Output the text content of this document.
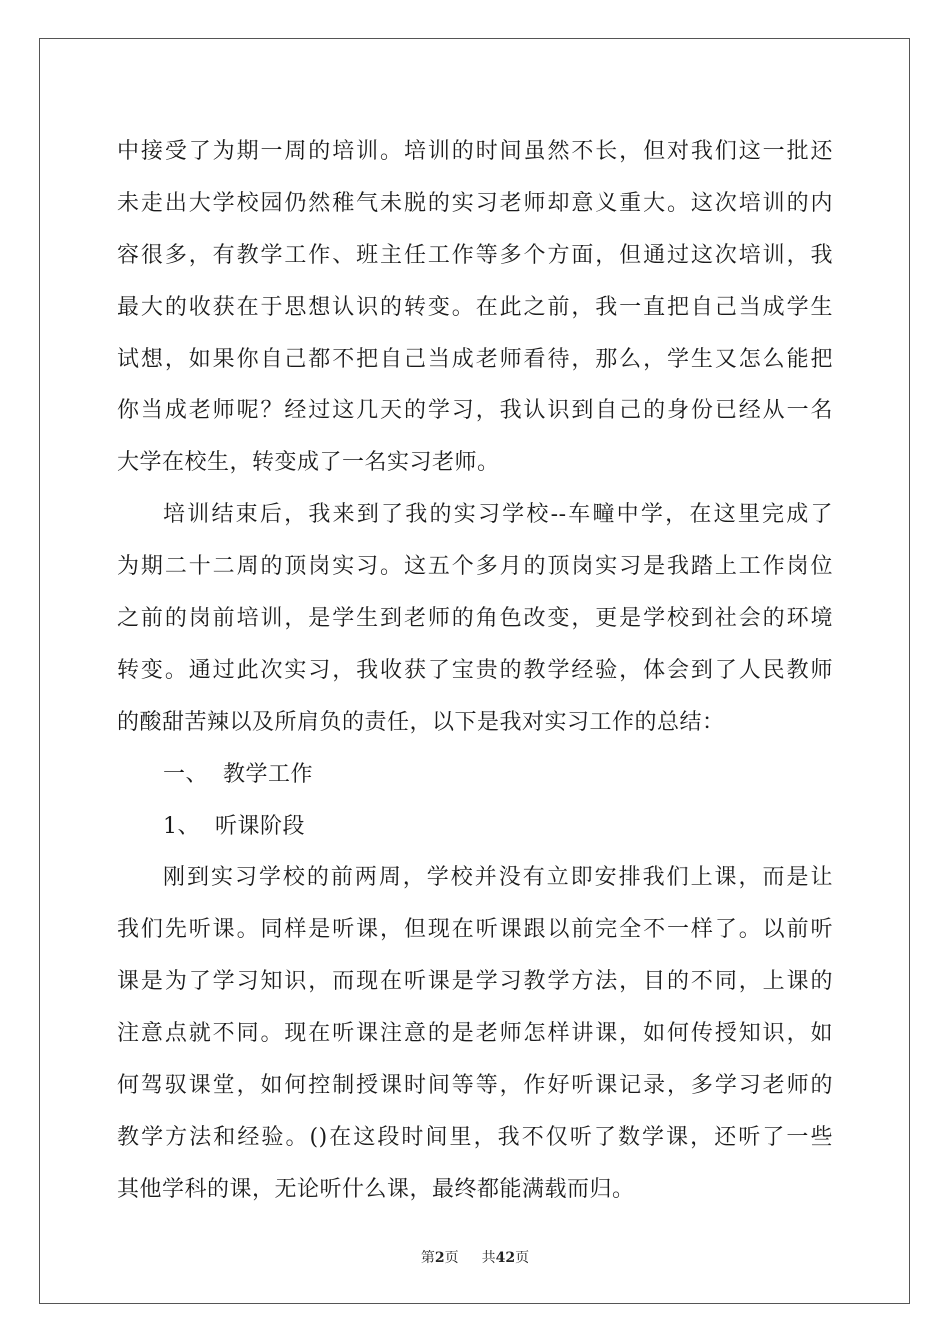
中接受了为期一周的培训。培训的时间虽然不长，但对我们这一批还
未走出大学校园仍然稚气未脱的实习老师却意义重大。这次培训的内
容很多，有教学工作、班主任工作等多个方面，但通过这次培训，我
最大的收获在于思想认识的转变。在此之前，我一直把自己当成学生
试想，如果你自己都不把自己当成老师看待，那么，学生又怎么能把
你当成老师呢？经过这几天的学习，我认识到自己的身份已经从一名
大学在校生，转变成了一名实习老师。
培训结束后，我来到了我的实习学校--车疃中学，在这里完成了
为期二十二周的顶岗实习。这五个多月的顶岗实习是我踏上工作岗位
之前的岗前培训，是学生到老师的角色改变，更是学校到社会的环境
转变。通过此次实习，我收获了宝贵的教学经验，体会到了人民教师
的酸甜苦辣以及所肩负的责任，以下是我对实习工作的总结：
一、  教学工作
1、  听课阶段
刚到实习学校的前两周，学校并没有立即安排我们上课，而是让
我们先听课。同样是听课，但现在听课跟以前完全不一样了。以前听
课是为了学习知识，而现在听课是学习教学方法，目的不同，上课的
注意点就不同。现在听课注意的是老师怎样讲课，如何传授知识，如
何驾驭课堂，如何控制授课时间等等，作好听课记录，多学习老师的
教学方法和经验。()在这段时间里，我不仅听了数学课，还听了一些
其他学科的课，无论听什么课，最终都能满载而归。
第2页 共42页
